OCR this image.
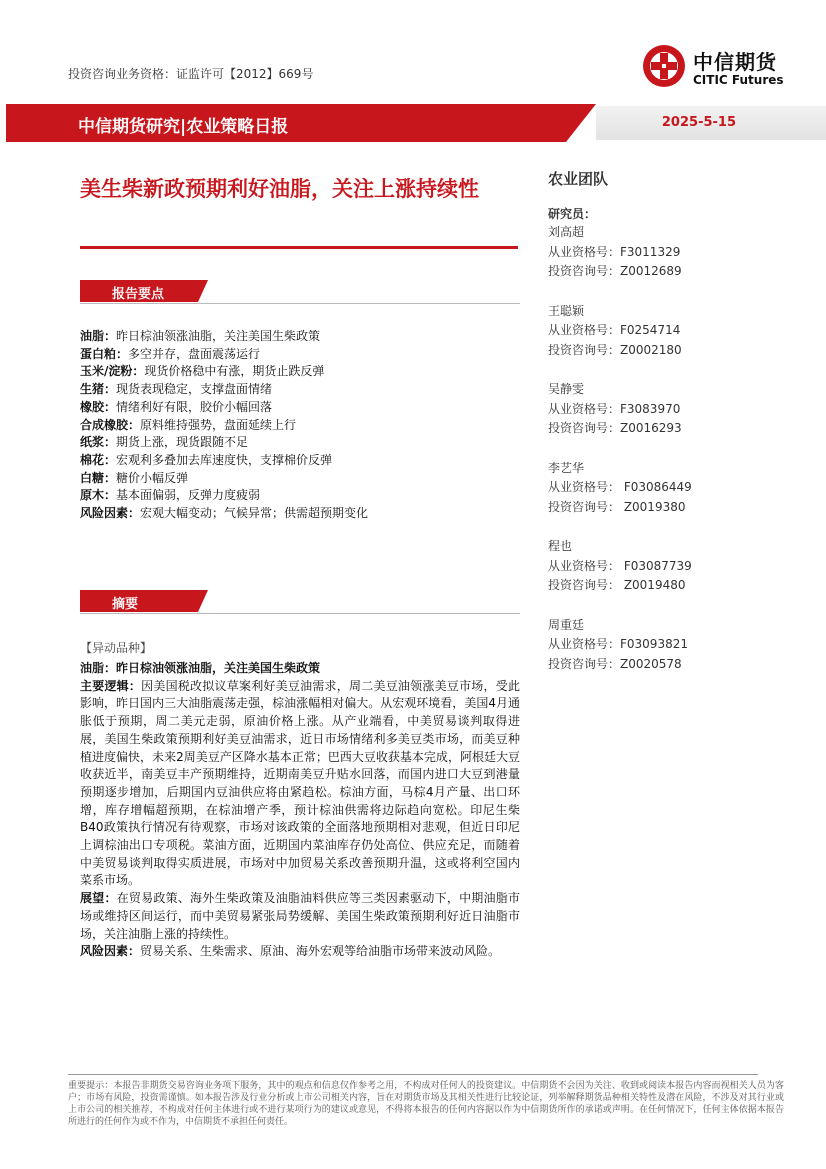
投资咨询业务资格：证监许可【2012】669号	中信期货
CITIC Futures
中信期货研究|农业策略日报	2025-5-15
美生柴新政预期利好油脂，关注上涨持续性
报告要点
油脂：昨日棕油领涨油脂，关注美国生柴政策
蛋白粕：多空并存，盘面震荡运行
玉米/淀粉：现货价格稳中有涨，期货止跌反弹
生猪：现货表现稳定，支撑盘面情绪
橡胶：情绪利好有限，胶价小幅回落
合成橡胶：原料维持强势，盘面延续上行
纸浆：期货上涨，现货跟随不足
棉花：宏观利多叠加去库速度快，支撑棉价反弹
白糖：糖价小幅反弹
原木：基本面偏弱，反弹力度疲弱
风险因素：宏观大幅变动；气候异常；供需超预期变化
摘要
【异动品种】

油脂：昨日棕油领涨油脂，关注美国生柴政策

主要逻辑：因美国税改拟议草案利好美豆油需求，周二美豆油领涨美豆市场，受此影响，昨日国内三大油脂震荡走强，棕油涨幅相对偏大。从宏观环境看，美国4月通胀低于预期，周二美元走弱，原油价格上涨。从产业端看，中美贸易谈判取得进展，美国生柴政策预期利好美豆油需求，近日市场情绪利多美豆类市场，而美豆种植进度偏快，未来2周美豆产区降水基本正常；巴西大豆收获基本完成，阿根廷大豆收获近半，南美豆丰产预期维持，近期南美豆升贴水回落，而国内进口大豆到港量预期逐步增加，后期国内豆油供应将由紧趋松。棕油方面，马棕4月产量、出口环增，库存增幅超预期，在棕油增产季，预计棕油供需将边际趋向宽松。印尼生柴B40政策执行情况有待观察，市场对该政策的全面落地预期相对悲观，但近日印尼上调棕油出口专项税。菜油方面，近期国内菜油库存仍处高位、供应充足，而随着中美贸易谈判取得实质进展，市场对中加贸易关系改善预期升温，这或将利空国内菜系市场。

展望：在贸易政策、海外生柴政策及油脂油料供应等三类因素驱动下，中期油脂市场或维持区间运行，而中美贸易紧张局势缓解、美国生柴政策预期利好近日油脂市场，关注油脂上涨的持续性。

风险因素：贸易关系、生柴需求、原油、海外宏观等给油脂市场带来波动风险。

农业团队
研究员：
刘高超
从业资格号：F3011329
投资咨询号：Z0012689
王聪颖
从业资格号：F0254714
投资咨询号：Z0002180
吴静雯
从业资格号：F3083970
投资咨询号：Z0016293
李艺华
从业资格号： F03086449
投资咨询号： Z0019380
程也
从业资格号： F03087739
投资咨询号： Z0019480
周重廷
从业资格号：F03093821
投资咨询号：Z0020578
重要提示：本报告非期货交易咨询业务项下服务，其中的观点和信息仅作参考之用，不构成对任何人的投资建议。中信期货不会因为关注、收到或阅读本报告内容而视相关人员为客户；市场有风险，投资需谨慎。如本报告涉及行业分析或上市公司相关内容，旨在对期货市场及其相关性进行比较论证，列举解释期货品种相关特性及潜在风险，不涉及对其行业或上市公司的相关推荐，不构成对任何主体进行或不进行某项行为的建议或意见，不得将本报告的任何内容据以作为中信期货所作的承诺或声明。在任何情况下，任何主体依据本报告所进行的任何作为或不作为，中信期货不承担任何责任。
